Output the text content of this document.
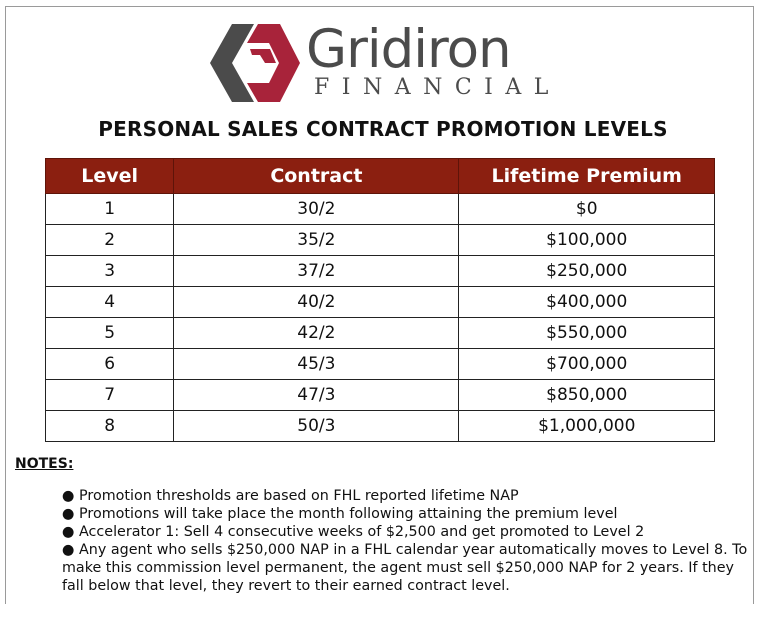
Gridiron
FINANCIAL
PERSONAL SALES CONTRACT PROMOTION LEVELS
Level	Contract	Lifetime Premium
1	30/2	$0
2	35/2	$100,000
3	37/2	$250,000
4	40/2	$400,000
5	42/2	$550,000
6	45/3	$700,000
7	47/3	$850,000
8	50/3	$1,000,000
NOTES:
● Promotion thresholds are based on FHL reported lifetime NAP
● Promotions will take place the month following attaining the premium level
● Accelerator 1: Sell 4 consecutive weeks of $2,500 and get promoted to Level 2
● Any agent who sells $250,000 NAP in a FHL calendar year automatically moves to Level 8. To make this commission level permanent, the agent must sell $250,000 NAP for 2 years. If they fall below that level, they revert to their earned contract level.
